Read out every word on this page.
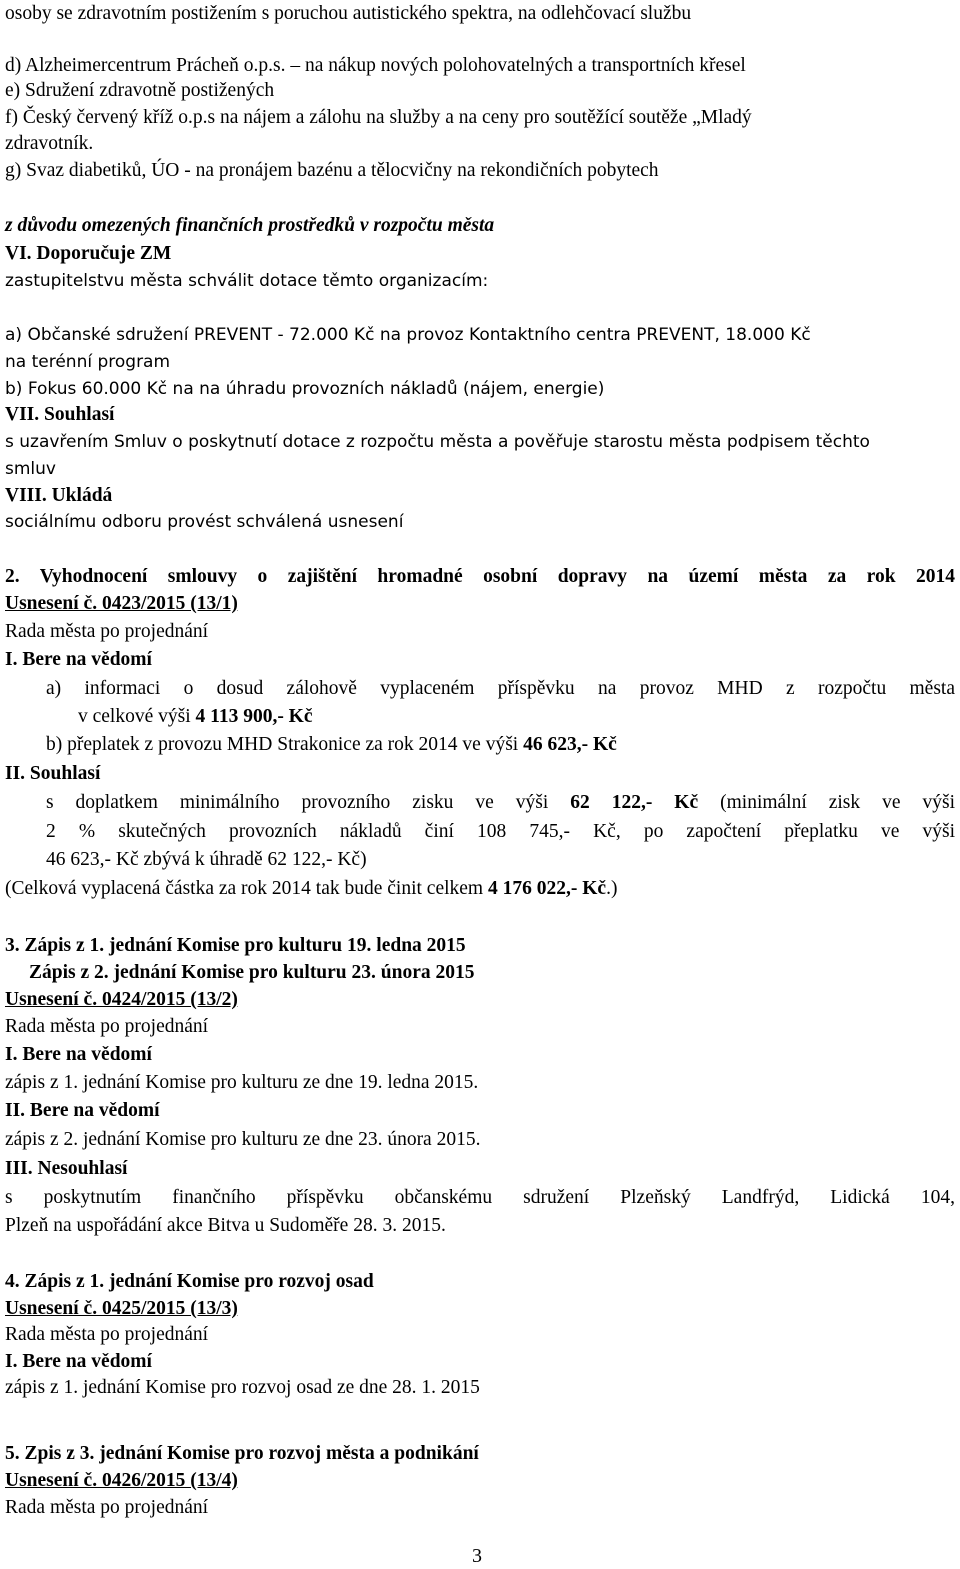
osoby se zdravotním postižením s poruchou autistického spektra, na odlehčovací službu
d) Alzheimercentrum Prácheň o.p.s. – na nákup nových polohovatelných a transportních křesel
e) Sdružení zdravotně postižených
f) Český červený kříž o.p.s na nájem a zálohu na služby a na ceny pro soutěžící soutěže „Mladý
zdravotník.
g) Svaz diabetiků, ÚO - na pronájem bazénu a tělocvičny na rekondičních pobytech
z důvodu omezených finančních prostředků v rozpočtu města
VI. Doporučuje ZM
zastupitelstvu města schválit dotace těmto organizacím:
a) Občanské sdružení PREVENT - 72.000 Kč na provoz Kontaktního centra PREVENT, 18.000 Kč
na terénní program
b) Fokus 60.000 Kč na na úhradu provozních nákladů (nájem, energie)
VII. Souhlasí
s uzavřením Smluv o poskytnutí dotace z rozpočtu města a pověřuje starostu města podpisem těchto
smluv
VIII. Ukládá
sociálnímu odboru provést schválená usnesení
2. Vyhodnocení smlouvy o zajištění hromadné osobní dopravy na území města za rok 2014
Usnesení č. 0423/2015 (13/1)
Rada města po projednání
I. Bere na vědomí
a) informaci o dosud zálohově vyplaceném příspěvku na provoz MHD z rozpočtu města
v celkové výši 4 113 900,- Kč
b) přeplatek z provozu MHD Strakonice za rok 2014 ve výši 46 623,- Kč
II. Souhlasí
s doplatkem minimálního provozního zisku ve výši 62 122,- Kč (minimální zisk ve výši
2 % skutečných provozních nákladů činí 108 745,- Kč, po započtení přeplatku ve výši
46 623,- Kč zbývá k úhradě 62 122,- Kč)
(Celková vyplacená částka za rok 2014 tak bude činit celkem 4 176 022,- Kč.)
3. Zápis z 1. jednání Komise pro kulturu 19. ledna 2015
Zápis z 2. jednání Komise pro kulturu 23. února 2015
Usnesení č. 0424/2015 (13/2)
Rada města po projednání
I. Bere na vědomí
zápis z 1. jednání Komise pro kulturu ze dne 19. ledna 2015.
II. Bere na vědomí
zápis z 2. jednání Komise pro kulturu ze dne 23. února 2015.
III. Nesouhlasí
s poskytnutím finančního příspěvku občanskému sdružení Plzeňský Landfrýd, Lidická 104,
Plzeň na uspořádání akce Bitva u Sudoměře 28. 3. 2015.
4. Zápis z 1. jednání Komise pro rozvoj osad
Usnesení č. 0425/2015 (13/3)
Rada města po projednání
I. Bere na vědomí
zápis z 1. jednání Komise pro rozvoj osad ze dne 28. 1. 2015
5. Zpis z 3. jednání Komise pro rozvoj města a podnikání
Usnesení č. 0426/2015 (13/4)
Rada města po projednání
3
